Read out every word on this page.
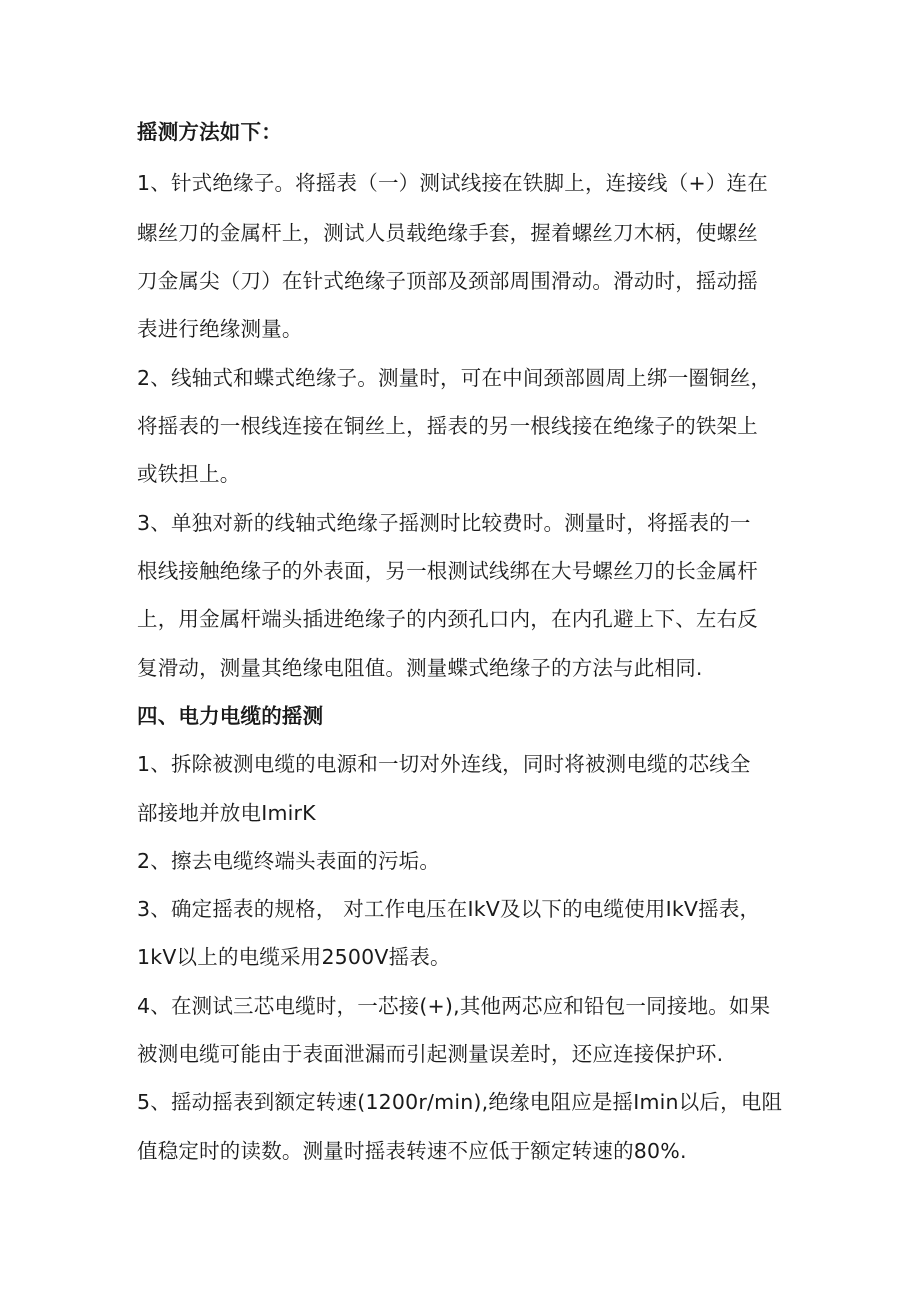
摇测方法如下：
1、针式绝缘子。将摇表（一）测试线接在铁脚上，连接线（+）连在
螺丝刀的金属杆上，测试人员载绝缘手套，握着螺丝刀木柄，使螺丝
刀金属尖（刀）在针式绝缘子顶部及颈部周围滑动。滑动时，摇动摇
表进行绝缘测量。
2、线轴式和蝶式绝缘子。测量时，可在中间颈部圆周上绑一圈铜丝，
将摇表的一根线连接在铜丝上，摇表的另一根线接在绝缘子的铁架上
或铁担上。
3、单独对新的线轴式绝缘子摇测时比较费时。测量时，将摇表的一
根线接触绝缘子的外表面，另一根测试线绑在大号螺丝刀的长金属杆
上，用金属杆端头插进绝缘子的内颈孔口内，在内孔避上下、左右反
复滑动，测量其绝缘电阻值。测量蝶式绝缘子的方法与此相同.
四、电力电缆的摇测
1、拆除被测电缆的电源和一切对外连线，同时将被测电缆的芯线全
部接地并放电ImirK
2、擦去电缆终端头表面的污垢。
3、确定摇表的规格， 对工作电压在IkV及以下的电缆使用IkV摇表，
1kV以上的电缆采用2500V摇表。
4、在测试三芯电缆时，一芯接(+),其他两芯应和铅包一同接地。如果
被测电缆可能由于表面泄漏而引起测量误差时，还应连接保护环.
5、摇动摇表到额定转速(1200r/min),绝缘电阻应是摇Imin以后，电阻
值稳定时的读数。测量时摇表转速不应低于额定转速的80%.
